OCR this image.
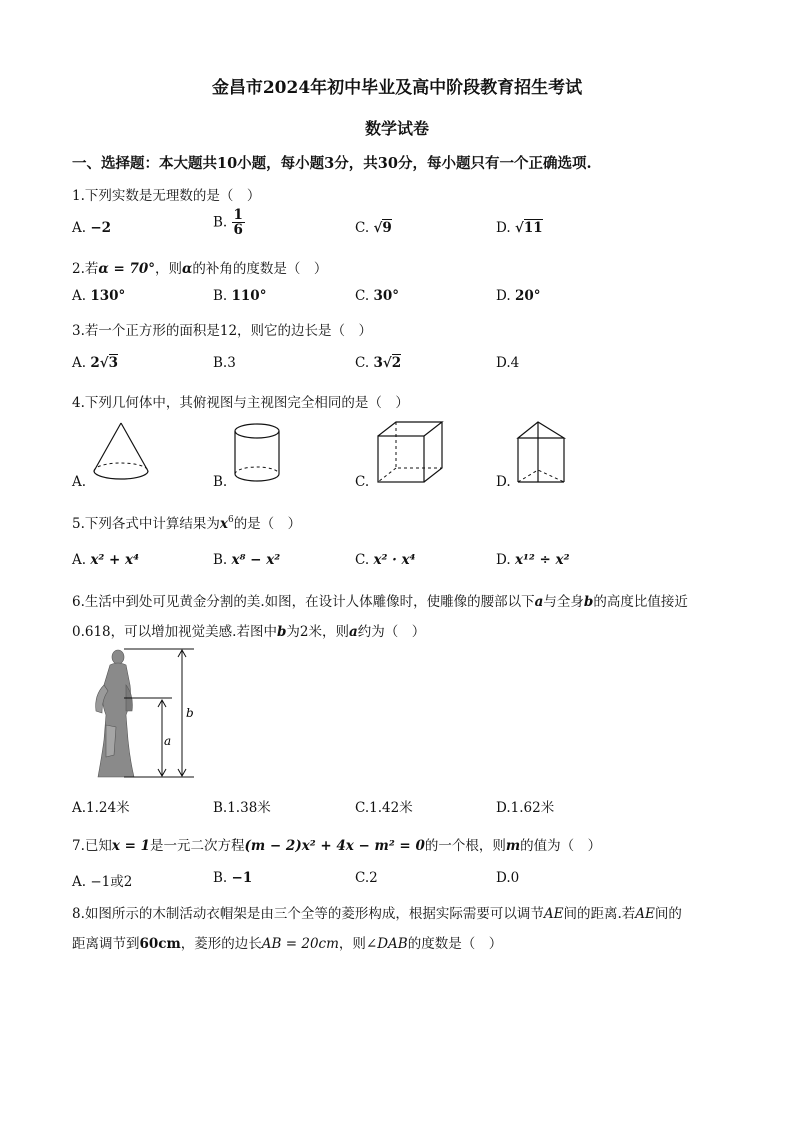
金昌市2024年初中毕业及高中阶段教育招生考试
数学试卷
一、选择题：本大题共10小题，每小题3分，共30分，每小题只有一个正确选项.
1.下列实数是无理数的是（　）
A. −2	B. $\frac{1}{6}$	C. √9	D. √11
2.若α = 70°，则α的补角的度数是（　）
A. 130°	B. 110°	C. 30°	D. 20°
3.若一个正方形的面积是12，则它的边长是（　）
A. 2√3	B.3	C. 3√2	D.4
4.下列几何体中，其俯视图与主视图完全相同的是（　）
A.	B.	C.	D.
5.下列各式中计算结果为$x^6$的是（　）
A. x² + x⁴	B. x⁸ − x²	C. x² · x⁴	D. x¹² ÷ x²
6.生活中到处可见黄金分割的美.如图，在设计人体雕像时，使雕像的腰部以下a与全身b的高度比值接近
0.618，可以增加视觉美感.若图中b为2米，则a约为（　）
a
b
A.1.24米	B.1.38米	C.1.42米	D.1.62米
7.已知x = 1是一元二次方程(m − 2)x² + 4x − m² = 0的一个根，则m的值为（　）
A. −1或2	B. −1	C.2	D.0
8.如图所示的木制活动衣帽架是由三个全等的菱形构成，根据实际需要可以调节AE间的距离.若AE间的
距离调节到60cm，菱形的边长AB = 20cm，则∠DAB的度数是（　）
